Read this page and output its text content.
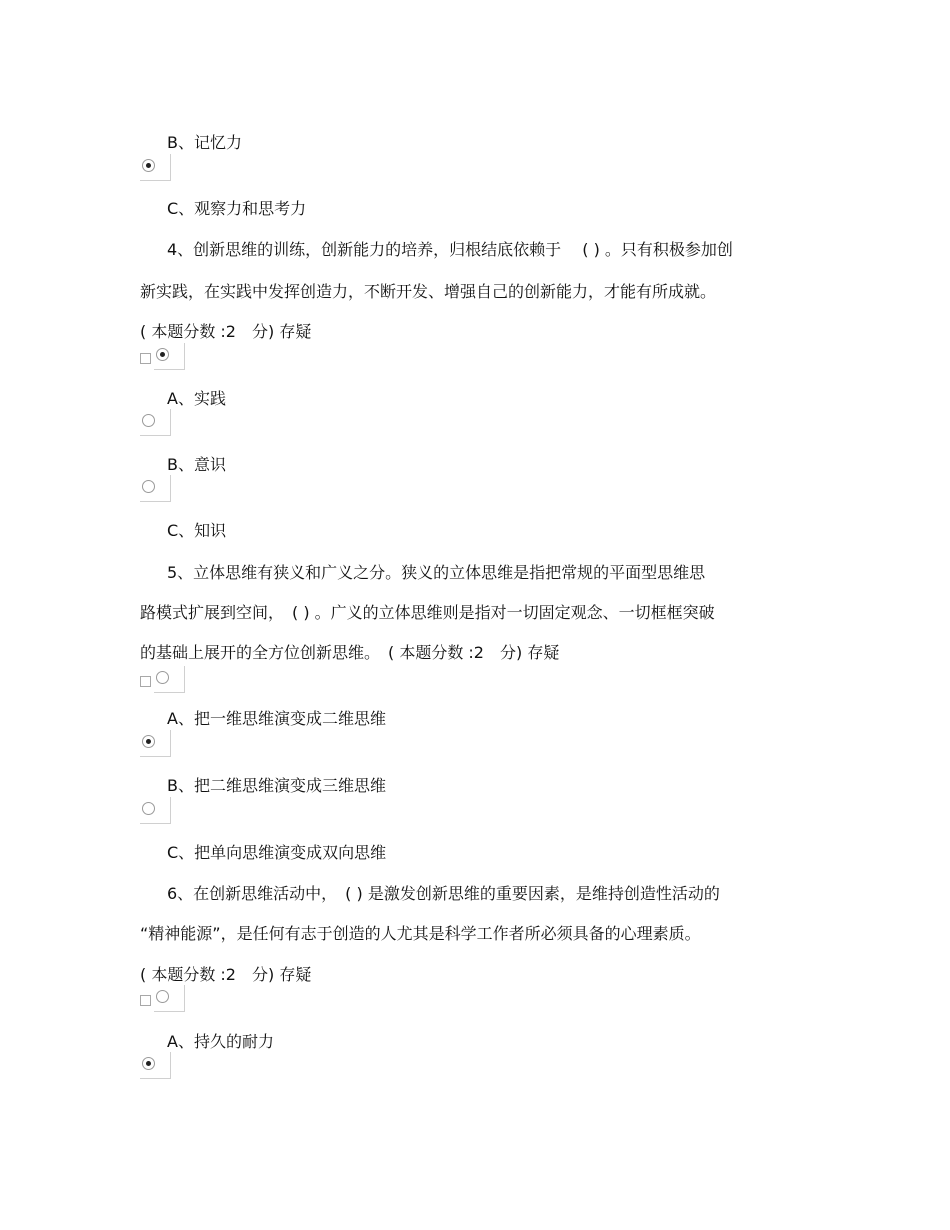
B、记忆力
C、观察力和思考力
4、创新思维的训练，创新能力的培养，归根结底依赖于　 ( ) 。只有积极参加创
新实践，在实践中发挥创造力，不断开发、增强自己的创新能力，才能有所成就。
( 本题分数 :2　分) 存疑
A、实践
B、意识
C、知识
5、立体思维有狭义和广义之分。狭义的立体思维是指把常规的平面型思维思
路模式扩展到空间，　( ) 。广义的立体思维则是指对一切固定观念、一切框框突破
的基础上展开的全方位创新思维。　( 本题分数 :2　分) 存疑
A、把一维思维演变成二维思维
B、把二维思维演变成三维思维
C、把单向思维演变成双向思维
6、在创新思维活动中，　( ) 是激发创新思维的重要因素，是维持创造性活动的
“精神能源”，是任何有志于创造的人尤其是科学工作者所必须具备的心理素质。
( 本题分数 :2　分) 存疑
A、持久的耐力
